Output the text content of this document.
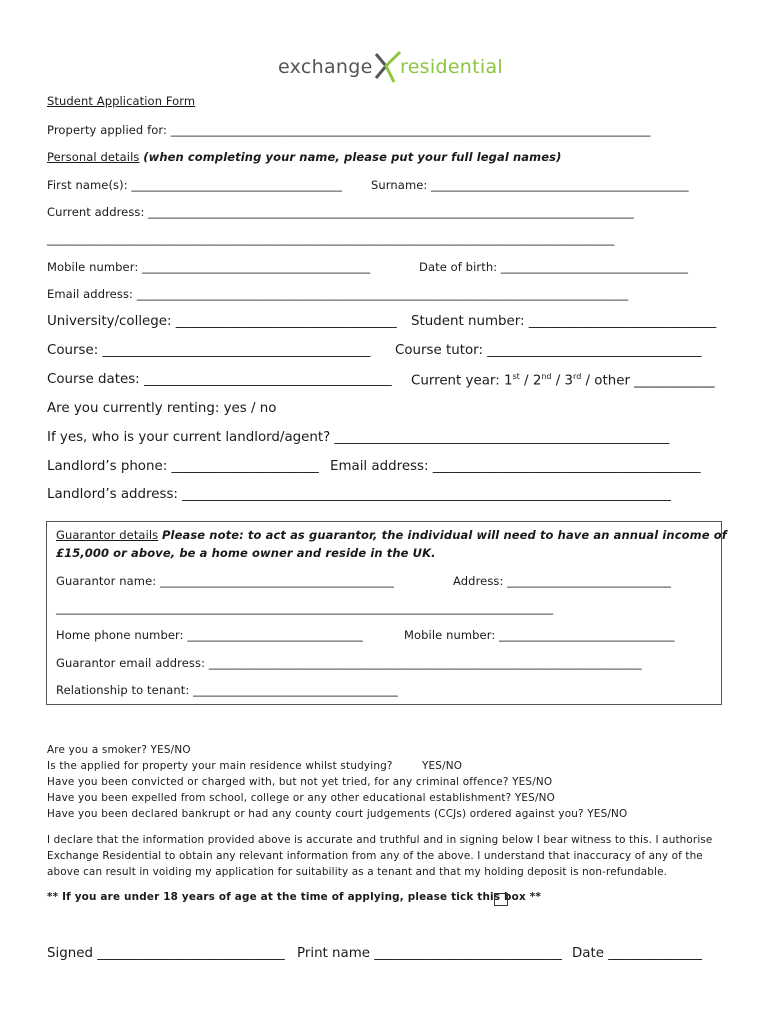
exchange residential
Student Application Form
Property applied for: __________________________________________________________________________________
Personal details (when completing your name, please put your full legal names)
First name(s): ____________________________________	Surname: ____________________________________________
Current address: ___________________________________________________________________________________
_________________________________________________________________________________________________
Mobile number: _______________________________________	Date of birth: ________________________________
Email address: ____________________________________________________________________________________
University/college: _________________________________ Student number: ____________________________
Course: ________________________________________ Course tutor: ________________________________
Course dates: _____________________________________ Current year: 1st / 2nd / 3rd / other ____________
Are you currently renting: yes / no
If yes, who is your current landlord/agent? __________________________________________________
Landlord’s phone: ______________________ Email address: ________________________________________
Landlord’s address: _________________________________________________________________________
Guarantor details Please note: to act as guarantor, the individual will need to have an annual income of
£15,000 or above, be a home owner and reside in the UK.
Guarantor name: ________________________________________	Address: ____________________________
_____________________________________________________________________________________
Home phone number: ______________________________	Mobile number: ______________________________
Guarantor email address: __________________________________________________________________________
Relationship to tenant: ___________________________________
Are you a smoker? YES/NO
Is the applied for property your main residence whilst studying?	YES/NO
Have you been convicted or charged with, but not yet tried, for any criminal offence? YES/NO
Have you been expelled from school, college or any other educational establishment? YES/NO
Have you been declared bankrupt or had any county court judgements (CCJs) ordered against you? YES/NO
I declare that the information provided above is accurate and truthful and in signing below I bear witness to this. I authorise Exchange Residential to obtain any relevant information from any of the above. I understand that inaccuracy of any of the above can result in voiding my application for suitability as a tenant and that my holding deposit is non-refundable.
** If you are under 18 years of age at the time of applying, please tick this box **
Signed ____________________________ Print name ____________________________ Date ______________
